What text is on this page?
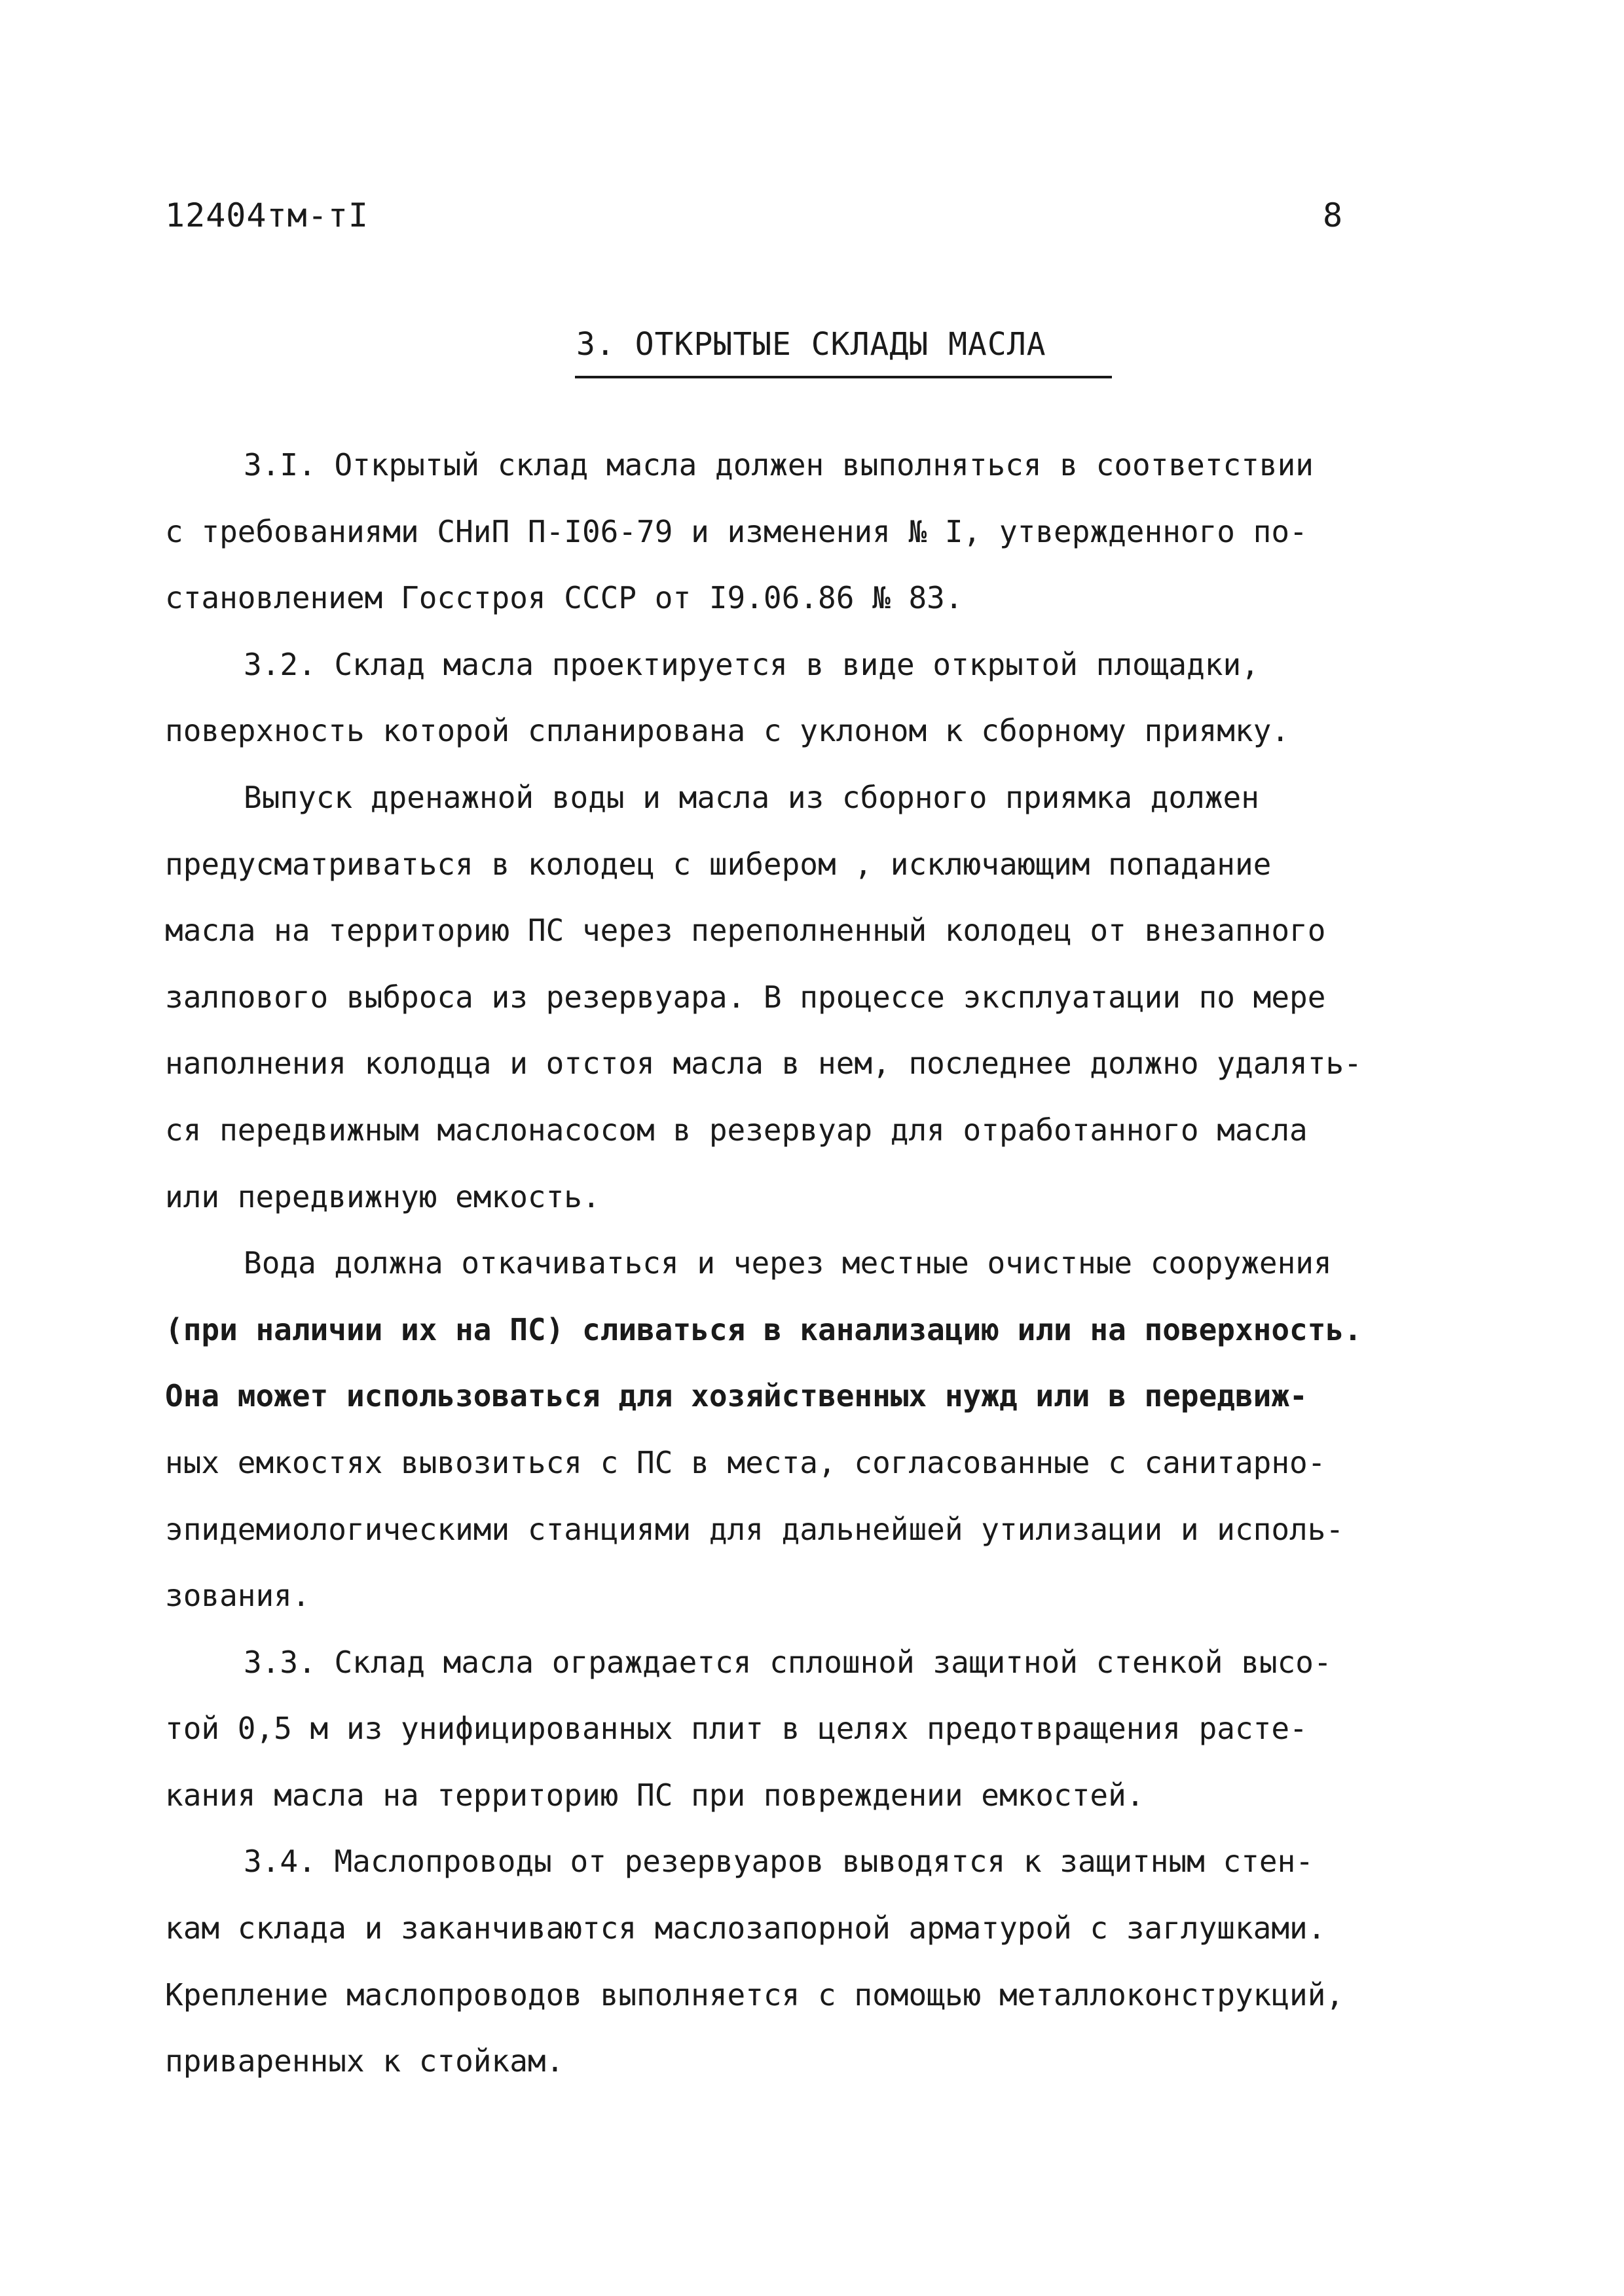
12404тм-тI	8
3. ОТКРЫТЫЕ СКЛАДЫ МАСЛА
3.I. Открытый склад масла должен выполняться в соответствии
с требованиями СНиП П-I06-79 и изменения № I, утвержденного по-
становлением Госстроя СССР от I9.06.86 № 83.
3.2. Склад масла проектируется в виде открытой площадки,
поверхность которой спланирована с уклоном к сборному приямку.
Выпуск дренажной воды и масла из сборного приямка должен
предусматриваться в колодец с шибером , исключающим попадание
масла на территорию ПС через переполненный колодец от внезапного
залпового выброса из резервуара. В процессе эксплуатации по мере
наполнения колодца и отстоя масла в нем, последнее должно удалять-
ся передвижным маслонасосом в резервуар для отработанного масла
или передвижную емкость.
Вода должна откачиваться и через местные очистные сооружения
(при наличии их на ПС) сливаться в канализацию или на поверхность.
Она может использоваться для хозяйственных нужд или в передвиж-
ных емкостях вывозиться с ПС в места, согласованные с санитарно-
эпидемиологическими станциями для дальнейшей утилизации и исполь-
зования.
3.3. Склад масла ограждается сплошной защитной стенкой высо-
той 0,5 м из унифицированных плит в целях предотвращения расте-
кания масла на территорию ПС при повреждении емкостей.
3.4. Маслопроводы от резервуаров выводятся к защитным стен-
кам склада и заканчиваются маслозапорной арматурой с заглушками.
Крепление маслопроводов выполняется с помощью металлоконструкций,
приваренных к стойкам.
